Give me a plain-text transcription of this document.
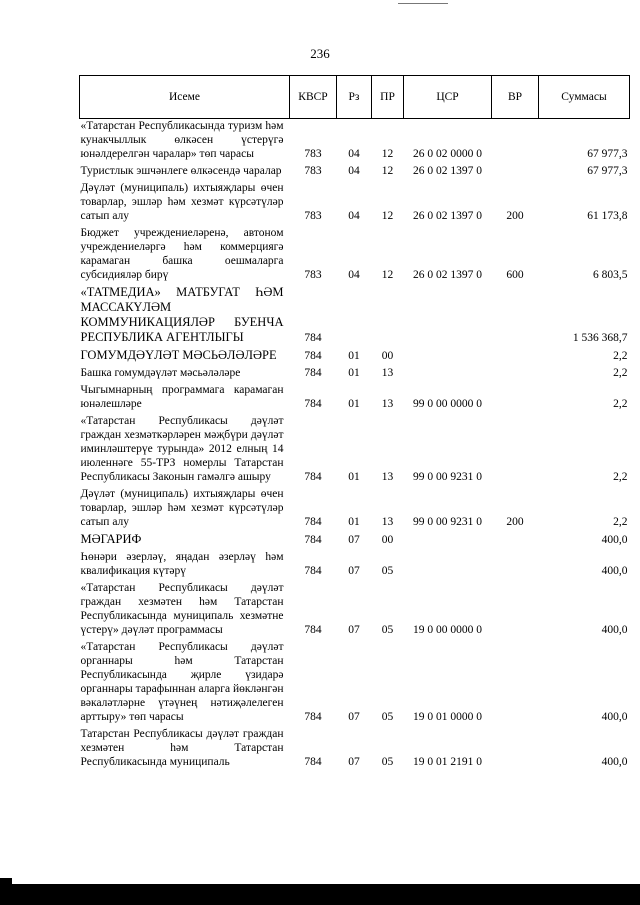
236
Исеме	КВСР	Рз	ПР	ЦСР	ВР	Суммасы
«Татарстан Республикасында туризм һәм кунакчыллык өлкәсен үстерүгә юнәлдерелгән чаралар» төп чарасы	783	04	12	26 0 02 0000 0		67 977,3
Туристлык эшчәнлеге өлкәсендә чаралар	783	04	12	26 0 02 1397 0		67 977,3
Дәүләт (муниципаль) ихтыяҗлары өчен товарлар, эшләр һәм хезмәт күрсәтүләр сатып алу	783	04	12	26 0 02 1397 0	200	61 173,8
Бюджет учреждениеләренә, автоном учреждениеләргә һәм коммерциягә карамаган башка оешмаларга субсидияләр бирү	783	04	12	26 0 02 1397 0	600	6 803,5
«ТАТМЕДИА» МАТБУГАТ ҺӘМ МАССАКҮЛӘМ КОММУНИКАЦИЯЛӘР БУЕНЧА РЕСПУБЛИКА АГЕНТЛЫГЫ	784					1 536 368,7
ГОМУМДӘҮЛӘТ МӘСЬӘЛӘЛӘРЕ	784	01	00			2,2
Башка гомумдәүләт мәсьәләләре	784	01	13			2,2
Чыгымнарның программага карамаган юнәлешләре	784	01	13	99 0 00 0000 0		2,2
«Татарстан Республикасы дәүләт граждан хезмәткәрләрен мәҗбүри дәүләт иминләштерүе турында» 2012 елның 14 июленнәге 55-ТРЗ номерлы Татарстан Республикасы Законын гамәлгә ашыру	784	01	13	99 0 00 9231 0		2,2
Дәүләт (муниципаль) ихтыяҗлары өчен товарлар, эшләр һәм хезмәт күрсәтүләр сатып алу	784	01	13	99 0 00 9231 0	200	2,2
МӘГАРИФ	784	07	00			400,0
Һөнәри әзерләү, яңадан әзерләү һәм квалификация күтәрү	784	07	05			400,0
«Татарстан Республикасы дәүләт граждан хезмәтен һәм Татарстан Республикасында муниципаль хезмәтне үстерү» дәүләт программасы	784	07	05	19 0 00 0000 0		400,0
«Татарстан Республикасы дәүләт органнары һәм Татарстан Республикасында җирле үзидарә органнары тарафыннан аларга йөкләнгән вәкаләтләрне үтәүнең нәтиҗәлелеген арттыру» төп чарасы	784	07	05	19 0 01 0000 0		400,0
Татарстан Республикасы дәүләт граждан хезмәтен һәм Татарстан Республикасында муниципаль	784	07	05	19 0 01 2191 0		400,0
